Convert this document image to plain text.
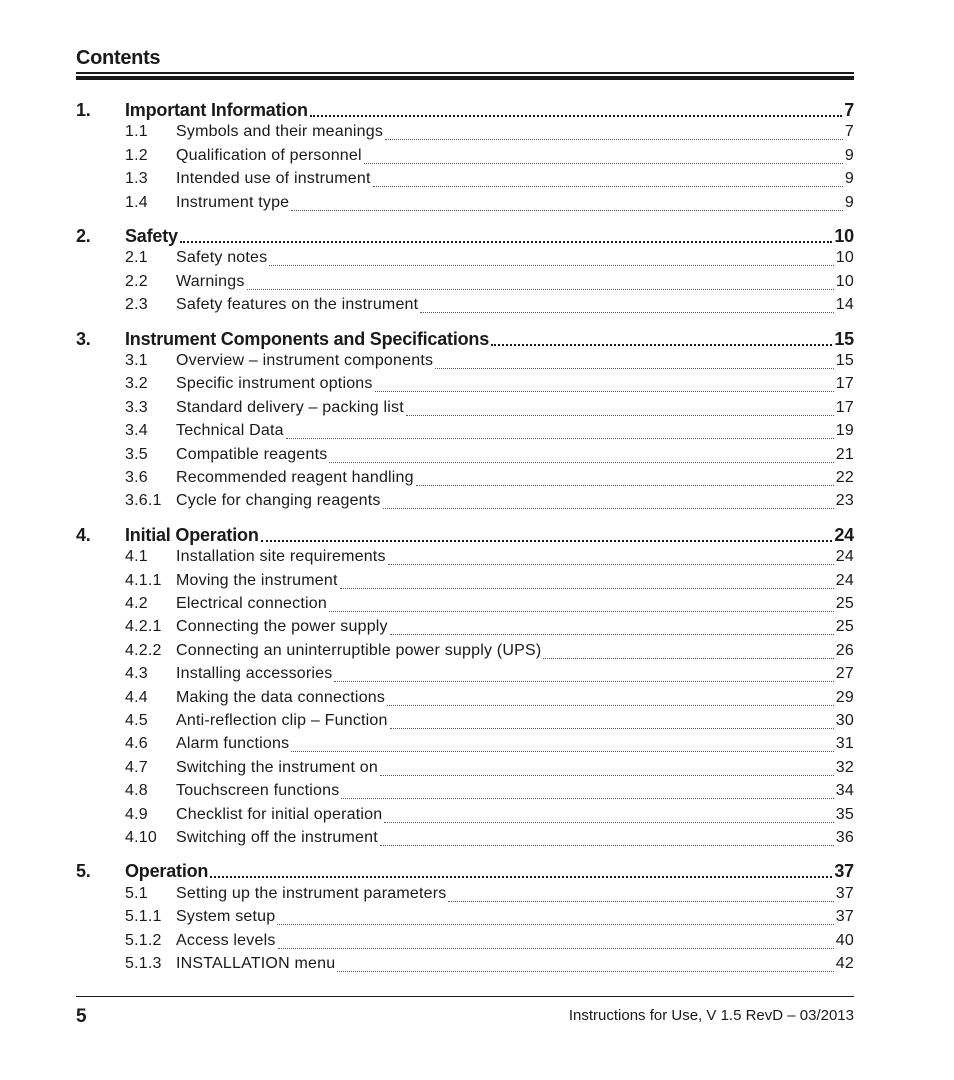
Contents
1.	Important Information	7
1.1	Symbols and their meanings	7
1.2	Qualification of personnel	9
1.3	Intended use of instrument	9
1.4	Instrument type	9
2.	Safety	10
2.1	Safety notes	10
2.2	Warnings	10
2.3	Safety features on the instrument	14
3.	Instrument Components and Specifications	15
3.1	Overview – instrument components	15
3.2	Specific instrument options	17
3.3	Standard delivery – packing list	17
3.4	Technical Data	19
3.5	Compatible reagents	21
3.6	Recommended reagent handling	22
3.6.1 Cycle for changing reagents	23
4.	Initial Operation	24
4.1	Installation site requirements	24
4.1.1 Moving the instrument	24
4.2	Electrical connection	25
4.2.1 Connecting the power supply	25
4.2.2 Connecting an uninterruptible power supply (UPS)	26
4.3	Installing accessories	27
4.4	Making the data connections	29
4.5	Anti-reflection clip – Function	30
4.6	Alarm functions	31
4.7	Switching the instrument on	32
4.8	Touchscreen functions	34
4.9	Checklist for initial operation	35
4.10	Switching off the instrument	36
5.	Operation	37
5.1	Setting up the instrument parameters	37
5.1.1 System setup	37
5.1.2 Access levels	40
5.1.3 INSTALLATION menu	42
5	Instructions for Use, V 1.5 RevD – 03/2013
